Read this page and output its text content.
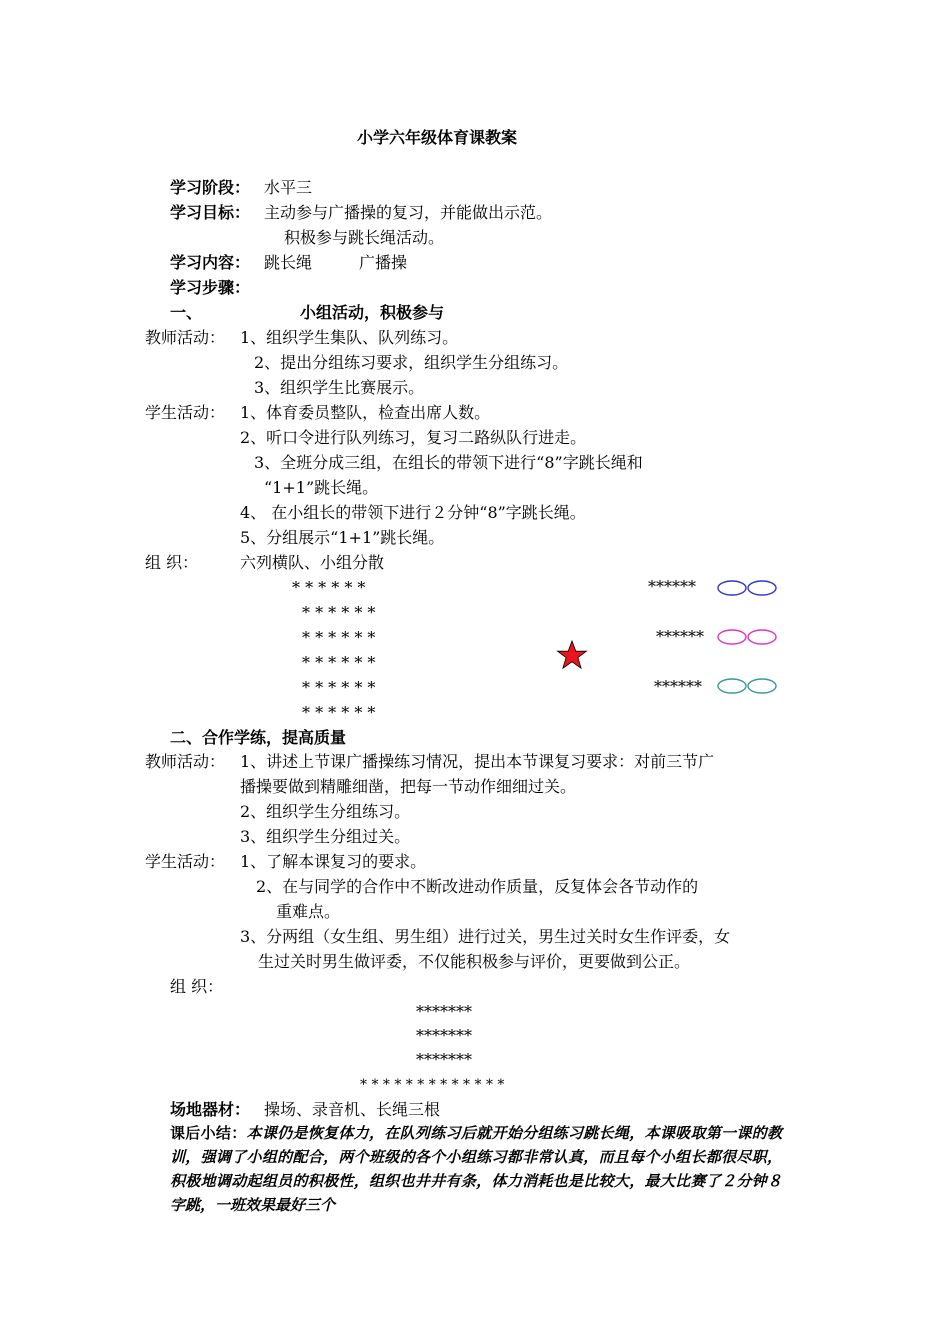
小学六年级体育课教案
学习阶段： 水平三
学习目标： 主动参与广播操的复习，并能做出示范。
积极参与跳长绳活动。
学习内容： 跳长绳	广播操
学习步骤：
一、	小组活动，积极参与
教师活动： 1、组织学生集队、队列练习。
2、提出分组练习要求，组织学生分组练习。
3、组织学生比赛展示。
学生活动： 1、体育委员整队，检查出席人数。
2、听口令进行队列练习，复习二路纵队行进走。
3、全班分成三组，在组长的带领下进行“8”字跳长绳和
“1+1”跳长绳。
4、 在小组长的带领下进行２分钟“8”字跳长绳。
5、分组展示“1+1”跳长绳。
组 织：	六列横队、小组分散
* * * * * *
* * * * * *
* * * * * *
* * * * * *
* * * * * *
* * * * * *
******
******
******
二、合作学练，提高质量
教师活动： 1、讲述上节课广播操练习情况，提出本节课复习要求：对前三节广
播操要做到精雕细凿，把每一节动作细细过关。
2、组织学生分组练习。
3、组织学生分组过关。
学生活动： 1、了解本课复习的要求。
2、在与同学的合作中不断改进动作质量，反复体会各节动作的
重难点。
3、分两组（女生组、男生组）进行过关，男生过关时女生作评委，女
生过关时男生做评委，不仅能积极参与评价，更要做到公正。
组 织：
*******
*******
*******
* * * * * * * * * * * * *
场地器材： 操场、录音机、长绳三根
课后小结：本课仍是恢复体力，在队列练习后就开始分组练习跳长绳，本课吸取第一课的教训，强调了小组的配合，两个班级的各个小组练习都非常认真，而且每个小组长都很尽职，积极地调动起组员的积极性，组织也井井有条，体力消耗也是比较大，最大比赛了２分钟８字跳，一班效果最好三个
